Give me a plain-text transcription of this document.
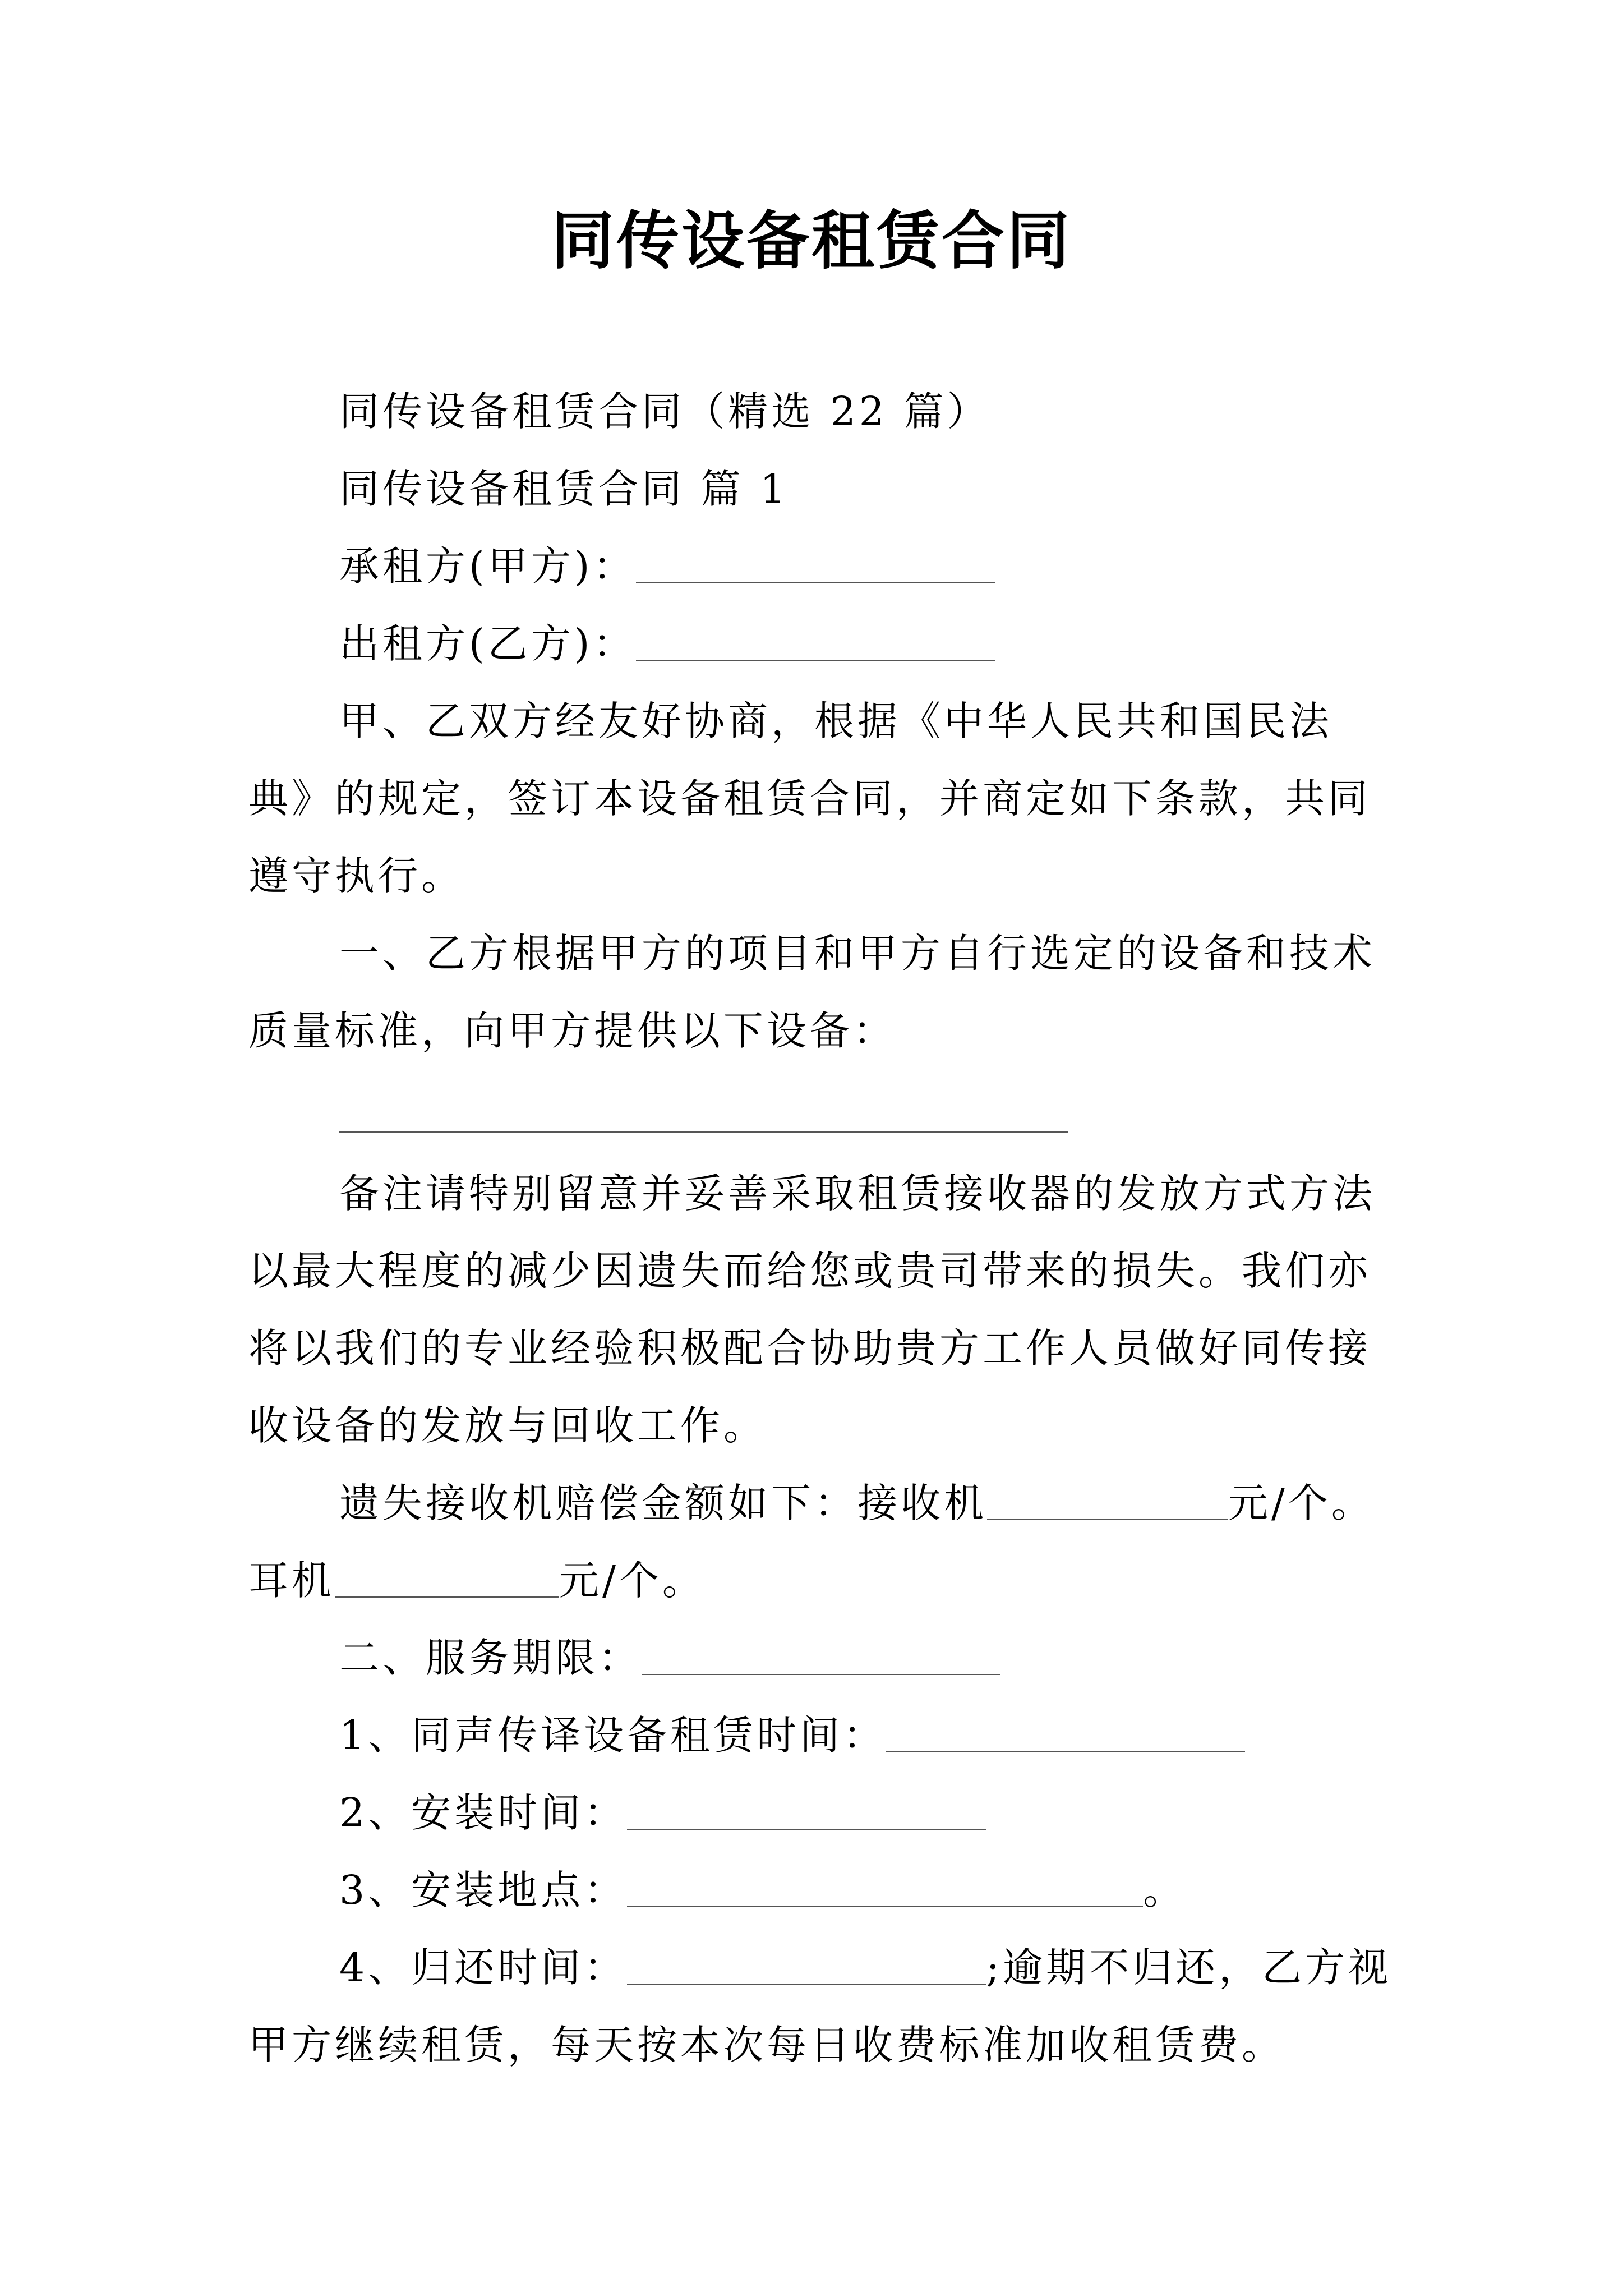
同传设备租赁合同

同传设备租赁合同（精选 22 篇）

同传设备租赁合同 篇 1

承租方(甲方)：

出租方(乙方)：

甲、乙双方经友好协商，根据《中华人民共和国民法典》的规定，签订本设备租赁合同，并商定如下条款，共同遵守执行。

一、乙方根据甲方的项目和甲方自行选定的设备和技术质量标准，向甲方提供以下设备：

备注请特别留意并妥善采取租赁接收器的发放方式方法以最大程度的减少因遗失而给您或贵司带来的损失。我们亦将以我们的专业经验积极配合协助贵方工作人员做好同传接收设备的发放与回收工作。

遗失接收机赔偿金额如下：接收机	元/个。耳机	元/个。

二、服务期限：

1、同声传译设备租赁时间：

2、安装时间：

3、安装地点：	。

4、归还时间：	;逾期不归还，乙方视甲方继续租赁，每天按本次每日收费标准加收租赁费。
